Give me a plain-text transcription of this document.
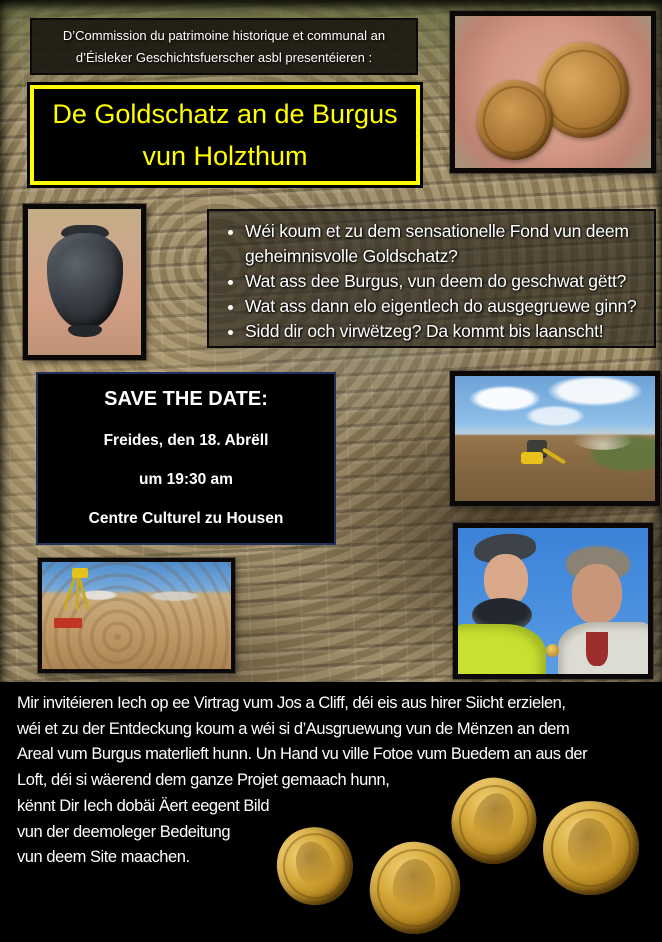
D’Commission du patrimoine historique et communal an
d’Éisleker Geschichtsfuerscher asbl presentéieren :
De Goldschatz an de Burgus
vun Holzthum
• Wéi koum et zu dem sensationelle Fond vun deem geheimnisvolle Goldschatz?
• Wat ass dee Burgus, vun deem do geschwat gëtt?
• Wat ass dann elo eigentlech do ausgegruewe ginn?
• Sidd dir och virwëtzeg? Da kommt bis laanscht!
SAVE THE DATE:
Freides, den 18. Abrëll
um 19:30 am
Centre Culturel zu Housen
Mir invitéieren Iech op ee Virtrag vum Jos a Cliff, déi eis aus hirer Siicht erzielen,
wéi et zu der Entdeckung koum a wéi si d’Ausgruewung vun de Mënzen an dem
Areal vum Burgus materlieft hunn. Un Hand vu ville Fotoe vum Buedem an aus der
Loft, déi si wäerend dem ganze Projet gemaach hunn,
kënnt Dir Iech dobäi Äert eegent Bild
vun der deemoleger Bedeitung
vun deem Site maachen.
